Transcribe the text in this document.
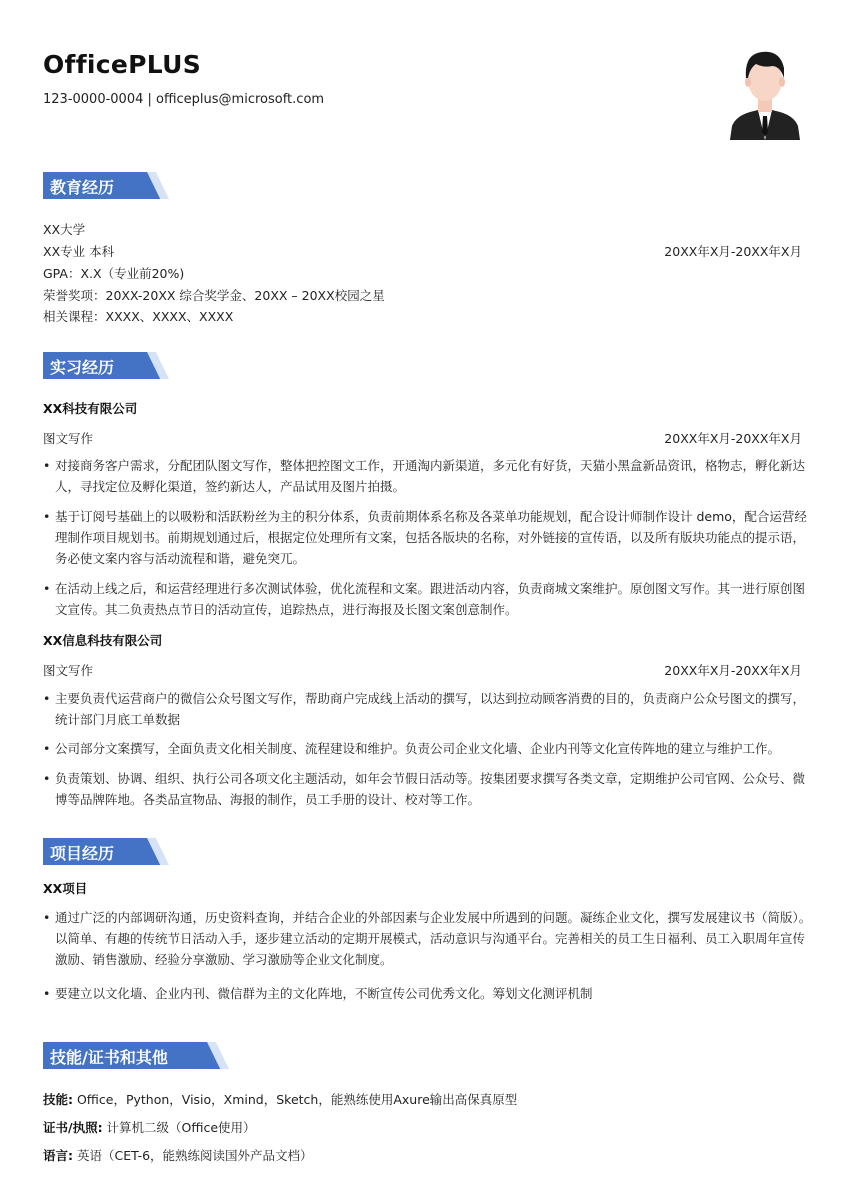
OfficePLUS
123-0000-0004 | officeplus@microsoft.com
教育经历
XX大学
XX专业 本科	20XX年X月-20XX年X月
GPA：X.X（专业前20%)
荣誉奖项：20XX-20XX 综合奖学金、20XX – 20XX校园之星
相关课程：XXXX、XXXX、XXXX
实习经历
XX科技有限公司
图文写作	20XX年X月-20XX年X月
• 对接商务客户需求，分配团队图文写作，整体把控图文工作，开通淘内新渠道，多元化有好货，天猫小黑盒新品资讯，格物志，孵化新达人，寻找定位及孵化渠道，签约新达人，产品试用及图片拍摄。
• 基于订阅号基础上的以吸粉和活跃粉丝为主的积分体系，负责前期体系名称及各菜单功能规划，配合设计师制作设计 demo，配合运营经理制作项目规划书。前期规划通过后，根据定位处理所有文案，包括各版块的名称，对外链接的宣传语，以及所有版块功能点的提示语，务必使文案内容与活动流程和谐，避免突兀。
• 在活动上线之后，和运营经理进行多次测试体验，优化流程和文案。跟进活动内容，负责商城文案维护。原创图文写作。其一进行原创图文宣传。其二负责热点节日的活动宣传，追踪热点，进行海报及长图文案创意制作。
XX信息科技有限公司
图文写作	20XX年X月-20XX年X月
• 主要负责代运营商户的微信公众号图文写作，帮助商户完成线上活动的撰写，以达到拉动顾客消费的目的，负责商户公众号图文的撰写，统计部门月底工单数据
• 公司部分文案撰写，全面负责文化相关制度、流程建设和维护。负责公司企业文化墙、企业内刊等文化宣传阵地的建立与维护工作。
• 负责策划、协调、组织、执行公司各项文化主题活动，如年会节假日活动等。按集团要求撰写各类文章，定期维护公司官网、公众号、微博等品牌阵地。各类品宣物品、海报的制作，员工手册的设计、校对等工作。
项目经历
XX项目
• 通过广泛的内部调研沟通，历史资料查询，并结合企业的外部因素与企业发展中所遇到的问题。凝练企业文化，撰写发展建议书（简版）。以简单、有趣的传统节日活动入手，逐步建立活动的定期开展模式，活动意识与沟通平台。完善相关的员工生日福利、员工入职周年宣传激励、销售激励、经验分享激励、学习激励等企业文化制度。
• 要建立以文化墙、企业内刊、微信群为主的文化阵地，不断宣传公司优秀文化。筹划文化测评机制
技能/证书和其他
技能: Office，Python，Visio，Xmind，Sketch，能熟练使用Axure输出高保真原型
证书/执照: 计算机二级（Office使用）
语言: 英语（CET-6，能熟练阅读国外产品文档）
